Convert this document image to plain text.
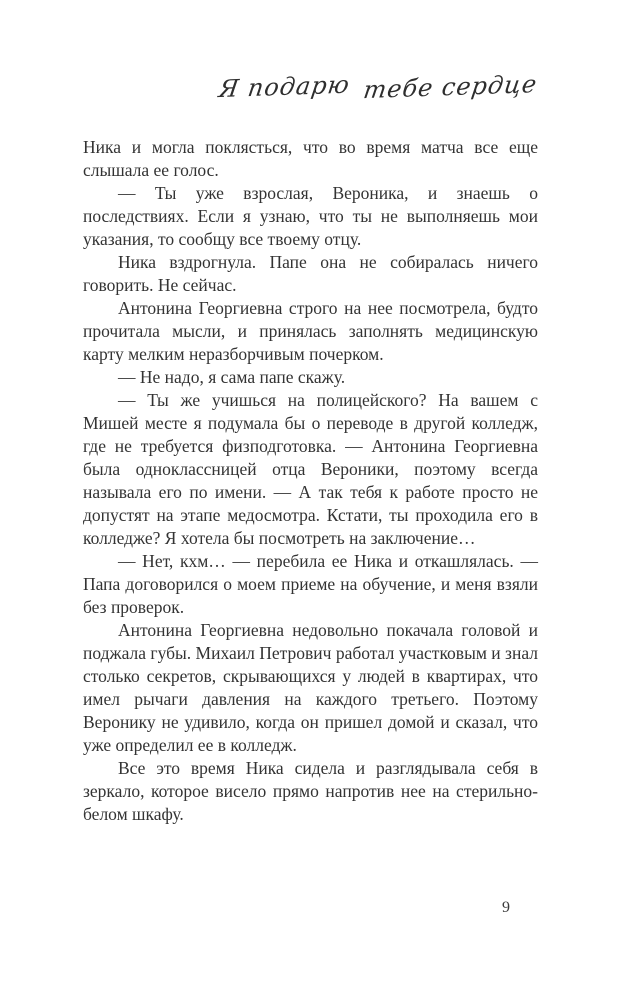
Я подарю тебе сердце

Ника и могла поклясться, что во время матча все еще слышала ее голос.

— Ты уже взрослая, Вероника, и знаешь о последствиях. Если я узнаю, что ты не выполняешь мои указания, то сообщу все твоему отцу.

Ника вздрогнула. Папе она не собиралась ничего говорить. Не сейчас.

Антонина Георгиевна строго на нее посмотрела, будто прочитала мысли, и принялась заполнять медицинскую карту мелким неразборчивым почерком.

— Не надо, я сама папе скажу.

— Ты же учишься на полицейского? На вашем с Мишей месте я подумала бы о переводе в другой колледж, где не требуется физподготовка. — Антонина Георгиевна была одноклассницей отца Вероники, поэтому всегда называла его по имени. — А так тебя к работе просто не допустят на этапе медосмотра. Кстати, ты проходила его в колледже? Я хотела бы посмотреть на заключение…

— Нет, кхм… — перебила ее Ника и откашлялась. — Папа договорился о моем приеме на обучение, и меня взяли без проверок.

Антонина Георгиевна недовольно покачала головой и поджала губы. Михаил Петрович работал участковым и знал столько секретов, скрывающихся у людей в квартирах, что имел рычаги давления на каждого третьего. Поэтому Веронику не удивило, когда он пришел домой и сказал, что уже определил ее в колледж.

Все это время Ника сидела и разглядывала себя в зеркало, которое висело прямо напротив нее на стерильно-белом шкафу.

9
